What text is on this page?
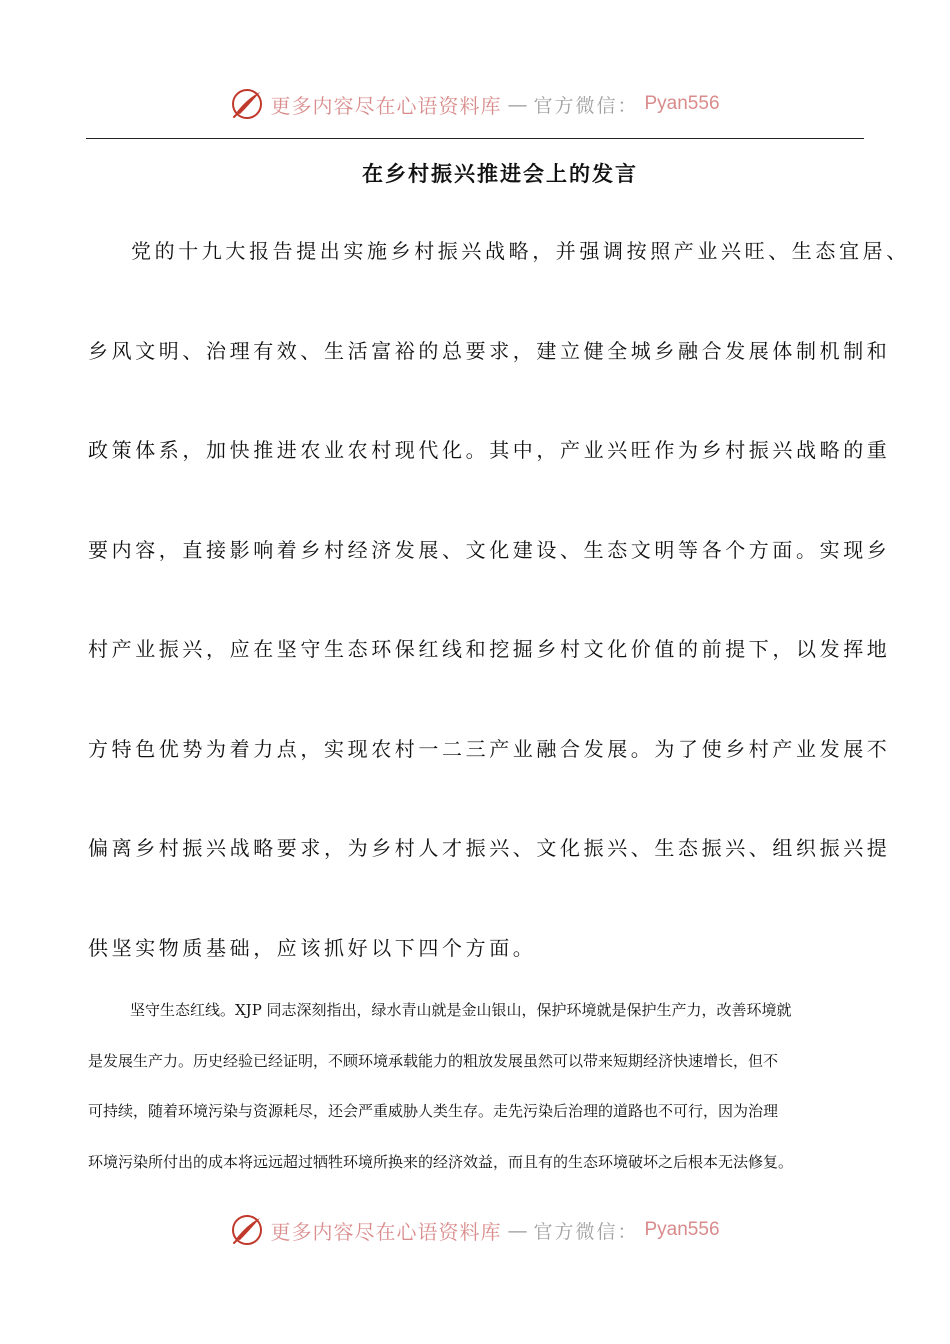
更多内容尽在心语资料库 — 官方微信： Pyan556
在乡村振兴推进会上的发言
党的十九大报告提出实施乡村振兴战略，并强调按照产业兴旺、生态宜居、
乡风文明、治理有效、生活富裕的总要求，建立健全城乡融合发展体制机制和
政策体系，加快推进农业农村现代化。其中，产业兴旺作为乡村振兴战略的重
要内容，直接影响着乡村经济发展、文化建设、生态文明等各个方面。实现乡
村产业振兴，应在坚守生态环保红线和挖掘乡村文化价值的前提下，以发挥地
方特色优势为着力点，实现农村一二三产业融合发展。为了使乡村产业发展不
偏离乡村振兴战略要求，为乡村人才振兴、文化振兴、生态振兴、组织振兴提
供坚实物质基础，应该抓好以下四个方面。
坚守生态红线。XJP 同志深刻指出，绿水青山就是金山银山，保护环境就是保护生产力，改善环境就
是发展生产力。历史经验已经证明，不顾环境承载能力的粗放发展虽然可以带来短期经济快速增长，但不
可持续，随着环境污染与资源耗尽，还会严重威胁人类生存。走先污染后治理的道路也不可行，因为治理
环境污染所付出的成本将远远超过牺牲环境所换来的经济效益，而且有的生态环境破坏之后根本无法修复。
更多内容尽在心语资料库 — 官方微信： Pyan556
